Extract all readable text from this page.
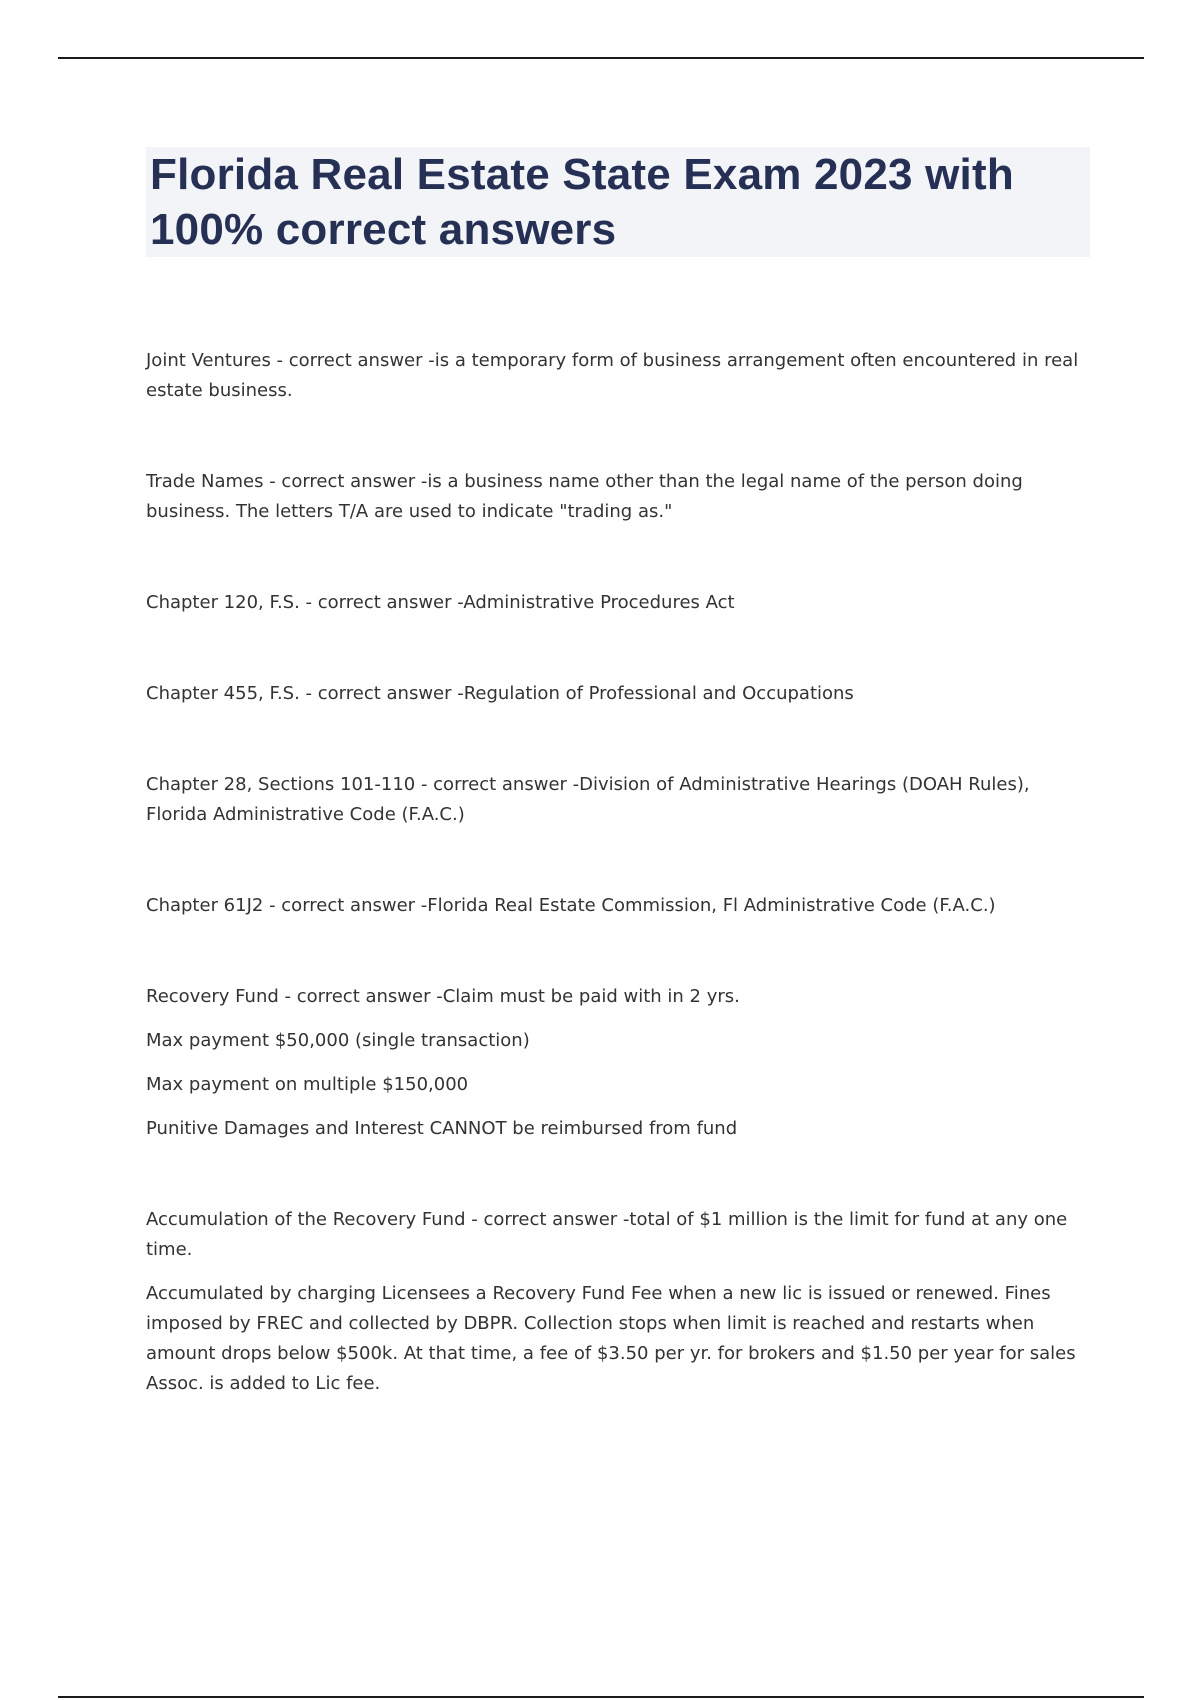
Florida Real Estate State Exam 2023 with 100% correct answers

Joint Ventures - correct answer -is a temporary form of business arrangement often encountered in real estate business.

Trade Names - correct answer -is a business name other than the legal name of the person doing business. The letters T/A are used to indicate "trading as."

Chapter 120, F.S. - correct answer -Administrative Procedures Act

Chapter 455, F.S. - correct answer -Regulation of Professional and Occupations

Chapter 28, Sections 101-110 - correct answer -Division of Administrative Hearings (DOAH Rules), Florida Administrative Code (F.A.C.)

Chapter 61J2 - correct answer -Florida Real Estate Commission, Fl Administrative Code (F.A.C.)

Recovery Fund - correct answer -Claim must be paid with in 2 yrs.

Max payment $50,000 (single transaction)

Max payment on multiple $150,000

Punitive Damages and Interest CANNOT be reimbursed from fund

Accumulation of the Recovery Fund - correct answer -total of $1 million is the limit for fund at any one time.

Accumulated by charging Licensees a Recovery Fund Fee when a new lic is issued or renewed. Fines imposed by FREC and collected by DBPR. Collection stops when limit is reached and restarts when amount drops below $500k. At that time, a fee of $3.50 per yr. for brokers and $1.50 per year for sales Assoc. is added to Lic fee.
